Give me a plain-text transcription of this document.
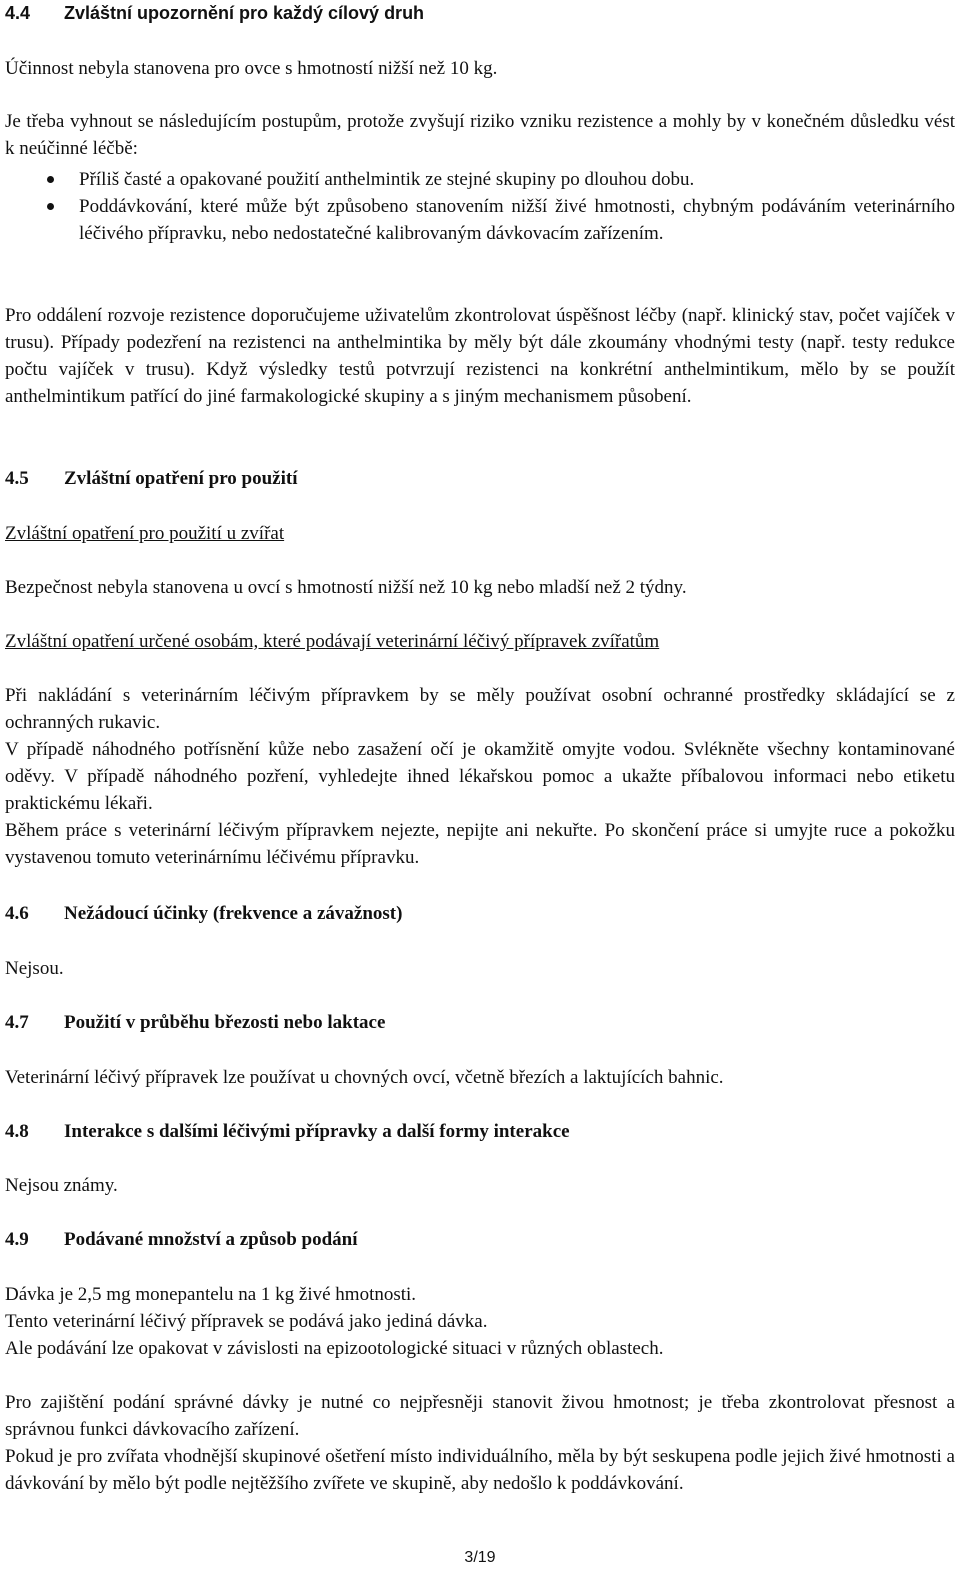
4.4 Zvláštní upozornění pro každý cílový druh
Účinnost nebyla stanovena pro ovce s hmotností nižší než 10 kg.
Je třeba vyhnout se následujícím postupům, protože zvyšují riziko vzniku rezistence a mohly by v konečném důsledku vést k neúčinné léčbě:
Příliš časté a opakované použití anthelmintik ze stejné skupiny po dlouhou dobu.
Poddávkování, které může být způsobeno stanovením nižší živé hmotnosti, chybným podáváním veterinárního léčivého přípravku, nebo nedostatečné kalibrovaným dávkovacím zařízením.
Pro oddálení rozvoje rezistence doporučujeme uživatelům zkontrolovat úspěšnost léčby (např. klinický stav, počet vajíček v trusu). Případy podezření na rezistenci na anthelmintika by měly být dále zkoumány vhodnými testy (např. testy redukce počtu vajíček v trusu). Když výsledky testů potvrzují rezistenci na konkrétní anthelmintikum, mělo by se použít anthelmintikum patřící do jiné farmakologické skupiny a s jiným mechanismem působení.
4.5 Zvláštní opatření pro použití
Zvláštní opatření pro použití u zvířat
Bezpečnost nebyla stanovena u ovcí s hmotností nižší než 10 kg nebo mladší než 2 týdny.
Zvláštní opatření určené osobám, které podávají veterinární léčivý přípravek zvířatům
Při nakládání s veterinárním léčivým přípravkem by se měly používat osobní ochranné prostředky skládající se z ochranných rukavic.
V případě náhodného potřísnění kůže nebo zasažení očí je okamžitě omyjte vodou. Svlékněte všechny kontaminované oděvy. V případě náhodného pozření, vyhledejte ihned lékařskou pomoc a ukažte příbalovou informaci nebo etiketu praktickému lékaři.
Během práce s veterinární léčivým přípravkem nejezte, nepijte ani nekuřte. Po skončení práce si umyjte ruce a pokožku vystavenou tomuto veterinárnímu léčivému přípravku.
4.6 Nežádoucí účinky (frekvence a závažnost)
Nejsou.
4.7 Použití v průběhu březosti nebo laktace
Veterinární léčivý přípravek lze používat u chovných ovcí, včetně březích a laktujících bahnic.
4.8 Interakce s dalšími léčivými přípravky a další formy interakce
Nejsou známy.
4.9 Podávané množství a způsob podání
Dávka je 2,5 mg monepantelu na 1 kg živé hmotnosti.
Tento veterinární léčivý přípravek se podává jako jediná dávka.
Ale podávání lze opakovat v závislosti na epizootologické situaci v různých oblastech.
Pro zajištění podání správné dávky je nutné co nejpřesněji stanovit živou hmotnost; je třeba zkontrolovat přesnost a správnou funkci dávkovacího zařízení.
Pokud je pro zvířata vhodnější skupinové ošetření místo individuálního, měla by být seskupena podle jejich živé hmotnosti a dávkování by mělo být podle nejtěžšího zvířete ve skupině, aby nedošlo k poddávkování.
3/19
